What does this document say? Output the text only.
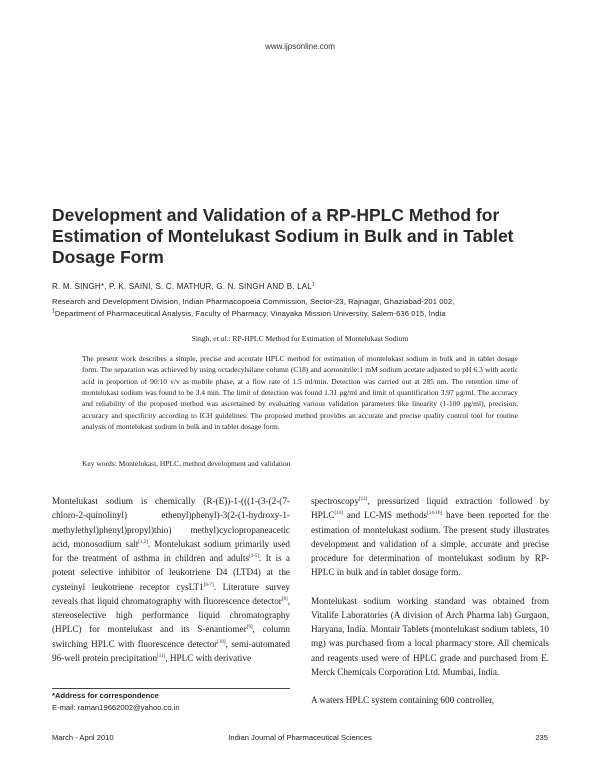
www.ijpsonline.com
Development and Validation of a RP-HPLC Method for Estimation of Montelukast Sodium in Bulk and in Tablet Dosage Form
R. M. SINGH*, P. K. SAINI, S. C. MATHUR, G. N. SINGH AND B. LAL$^1$
Research and Development Division, Indian Pharmacopoeia Commission, Sector-23, Rajnagar, Ghaziabad-201 002,
$^1$Department of Pharmaceutical Analysis, Faculty of Pharmacy, Vinayaka Mission University, Salem-636 015, India
Singh, et al.: RP-HPLC Method for Estimation of Montelukast Sodium
The present work describes a simple, precise and accurate HPLC method for estimation of montelukast sodium in bulk and in tablet dosage form. The separation was achieved by using octadecylsilane column (C18) and acetonitrile:1 mM sodium acetate adjusted to pH 6.3 with acetic acid in proportion of 90:10 v/v as mobile phase, at a flow rate of 1.5 ml/min. Detection was carried out at 285 nm. The retention time of montelukast sodium was found to be 3.4 min. The limit of detection was found 1.31 μg/ml and limit of quantification 3.97 μg/ml. The accuracy and reliability of the proposed method was ascertained by evaluating various validation parameters like linearity (1-100 μg/ml), precision, accuracy and specificity according to ICH guidelines. The proposed method provides an accurate and precise quality control tool for routine analysis of montelukast sodium in bulk and in tablet dosage form.
Key words: Montelukast, HPLC, method development and validation

Montelukast sodium is chemically (R-(E))-1-(((1-(3-(2-(7-chloro-2-quinolinyl) ethenyl)phenyl)-3(2-(1-hydroxy-1-methylethyl)phenyl)propyl)thio) methyl)cyclopropaneacetic acid, monosodium salt[1,2]. Montelukast sodium primarily used for the treatment of asthma in children and adults[3-5]. It is a potent selective inhibitor of leukotriene D4 (LTD4) at the cysteinyl leukotriene receptor cysLT1[6-7]. Literature survey reveals that liquid chromatography with fluorescence detector[8], stereoselective high performance liquid chromatography (HPLC) for montelukast and its S-enantiomer[9], column switching HPLC with fluorescence detector[10], semi-automated 96-well protein precipitation[11], HPLC with derivative

spectroscopy[12], pressurized liquid extraction followed by HPLC[13] and LC-MS methods[14-16] have been reported for the estimation of montelukast sodium. The present study illustrates development and validation of a simple, accurate and precise procedure for determination of montelukast sodium by RP-HPLC in bulk and in tablet dosage form.

Montelukast sodium working standard was obtained from Vitalife Laboratories (A division of Arch Pharma lab) Gurgaon, Haryana, India. Montair Tablets (montelukast sodium tablets, 10 mg) was purchased from a local pharmacy store. All chemicals and reagents used were of HPLC grade and purchased from E. Merck Chemicals Corporation Ltd. Mumbai, India.

A waters HPLC system containing 600 controller,

*Address for correspondence
E-mail: raman19662002@yahoo.co.in
March - April 2010	Indian Journal of Pharmaceutical Sciences	235
